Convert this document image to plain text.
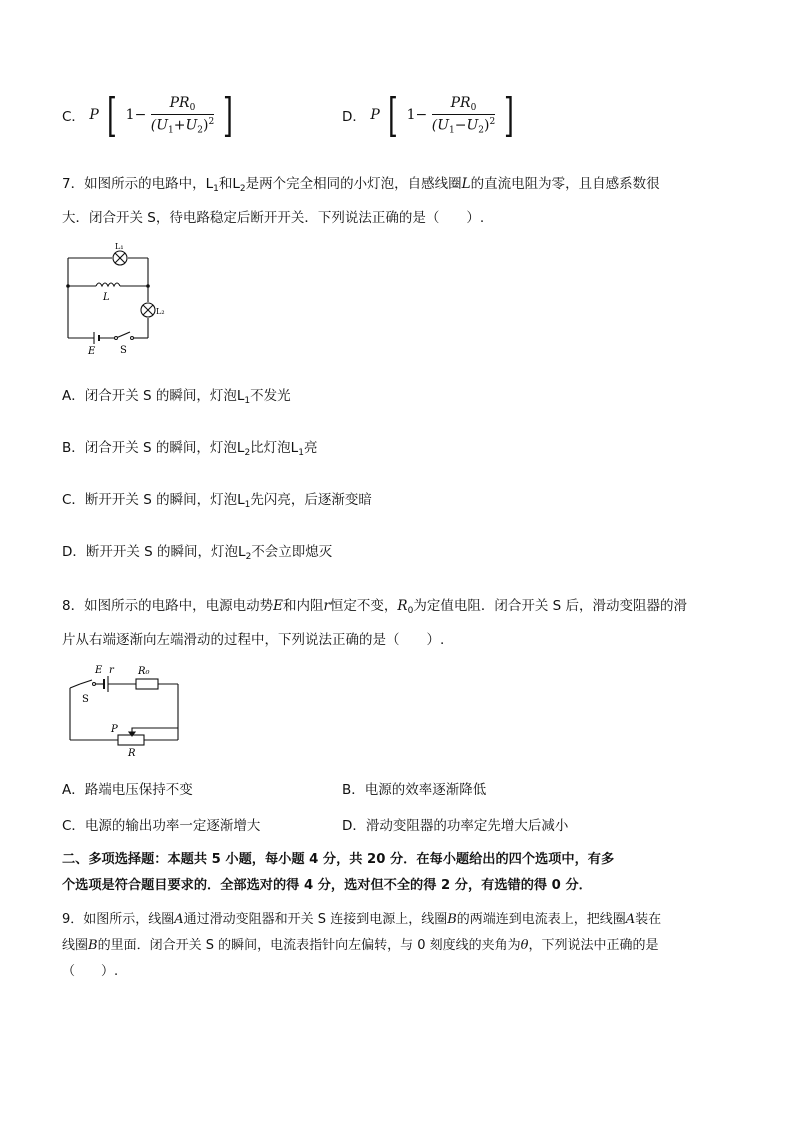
C． P [ $1- \frac{PR_0}{(U_1+U_2)^2}$ ]	D． P [ $1- \frac{PR_0}{(U_1-U_2)^2}$ ]
7．如图所示的电路中，$L_1$和$L_2$是两个完全相同的小灯泡，自感线圈L的直流电阻为零，且自感系数很
大．闭合开关 S，待电路稳定后断开开关．下列说法正确的是（　　）.
L₁
L
L₂
E S
A．闭合开关 S 的瞬间，灯泡$L_1$不发光
B．闭合开关 S 的瞬间，灯泡$L_2$比灯泡$L_1$亮
C．断开开关 S 的瞬间，灯泡$L_1$先闪亮，后逐渐变暗
D．断开开关 S 的瞬间，灯泡$L_2$不会立即熄灭
8．如图所示的电路中，电源电动势E和内阻r恒定不变，$R_0$为定值电阻．闭合开关 S 后，滑动变阻器的滑
片从右端逐渐向左端滑动的过程中，下列说法正确的是（　　）.
E r R₀
S
P
R
A．路端电压保持不变	B．电源的效率逐渐降低
C．电源的输出功率一定逐渐增大	D．滑动变阻器的功率定先增大后减小
二、多项选择题：本题共 5 小题，每小题 4 分，共 20 分．在每小题给出的四个选项中，有多
个选项是符合题目要求的．全部选对的得 4 分，选对但不全的得 2 分，有选错的得 0 分．
9．如图所示，线圈A通过滑动变阻器和开关 S 连接到电源上，线圈B的两端连到电流表上，把线圈A装在
线圈B的里面．闭合开关 S 的瞬间，电流表指针向左偏转，与 0 刻度线的夹角为θ，下列说法中正确的是
（　　）.
